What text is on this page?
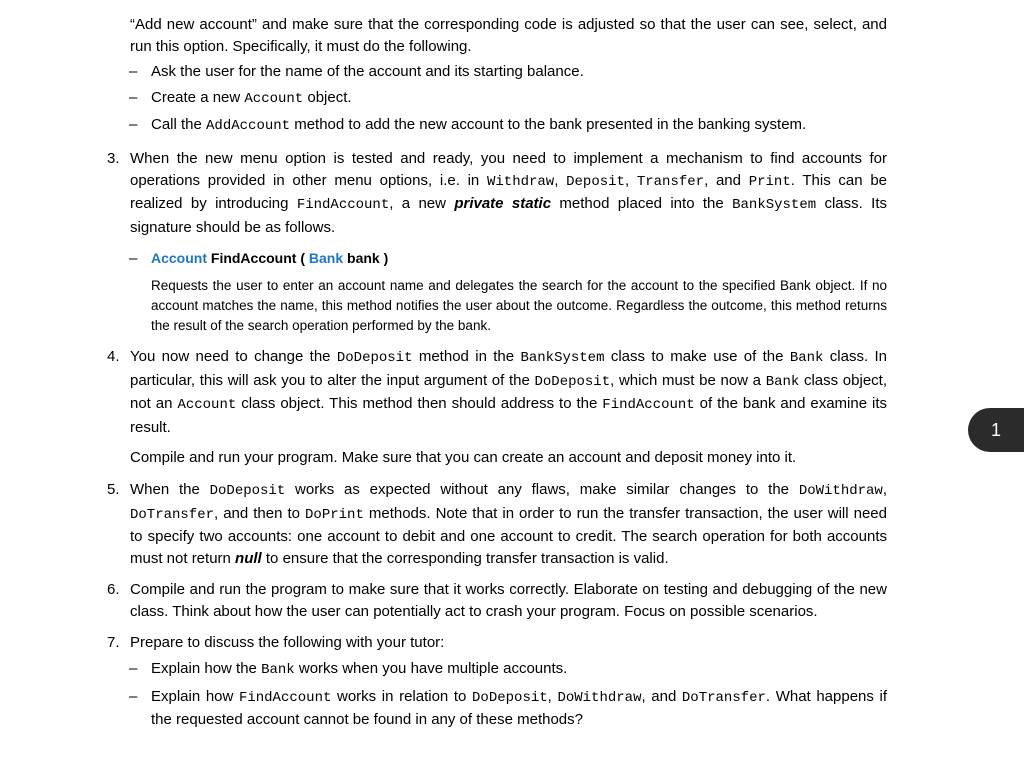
“Add new account” and make sure that the corresponding code is adjusted so that the user can see, select, and run this option. Specifically, it must do the following.

– Ask the user for the name of the account and its starting balance.
– Create a new Account object.
– Call the AddAccount method to add the new account to the bank presented in the banking system.
3. When the new menu option is tested and ready, you need to implement a mechanism to find accounts for operations provided in other menu options, i.e. in Withdraw, Deposit, Transfer, and Print. This can be realized by introducing FindAccount, a new private static method placed into the BankSystem class. Its signature should be as follows.
– Account FindAccount ( Bank bank )

Requests the user to enter an account name and delegates the search for the account to the specified Bank object. If no account matches the name, this method notifies the user about the outcome. Regardless the outcome, this method returns the result of the search operation performed by the bank.

4. You now need to change the DoDeposit method in the BankSystem class to make use of the Bank class. In particular, this will ask you to alter the input argument of the DoDeposit, which must be now a Bank class object, not an Account class object. This method then should address to the FindAccount of the bank and examine its result.

Compile and run your program. Make sure that you can create an account and deposit money into it.

5. When the DoDeposit works as expected without any flaws, make similar changes to the DoWithdraw, DoTransfer, and then to DoPrint methods. Note that in order to run the transfer transaction, the user will need to specify two accounts: one account to debit and one account to credit. The search operation for both accounts must not return null to ensure that the corresponding transfer transaction is valid.
6. Compile and run the program to make sure that it works correctly. Elaborate on testing and debugging of the new class. Think about how the user can potentially act to crash your program. Focus on possible scenarios.
7. Prepare to discuss the following with your tutor:
– Explain how the Bank works when you have multiple accounts.
– Explain how FindAccount works in relation to DoDeposit, DoWithdraw, and DoTransfer. What happens if the requested account cannot be found in any of these methods?
1
